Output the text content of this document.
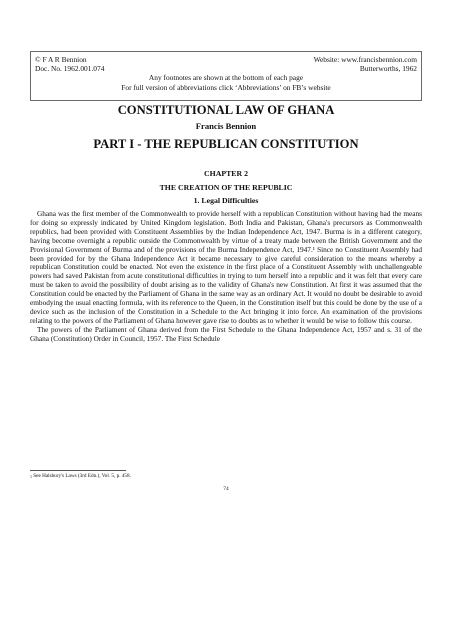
© F A R Bennion	Website: www.francisbennion.com
Doc. No. 1962.001.074	Butterworths, 1962
Any footnotes are shown at the bottom of each page
For full version of abbreviations click ‘Abbreviations’ on FB’s website
CONSTITUTIONAL LAW OF GHANA
Francis Bennion
PART I - THE REPUBLICAN CONSTITUTION
CHAPTER 2
THE CREATION OF THE REPUBLIC
1. Legal Difficulties

Ghana was the first member of the Commonwealth to provide herself with a republican Constitution without having had the means for doing so expressly indicated by United Kingdom legislation. Both India and Pakistan, Ghana's precursors as Commonwealth republics, had been provided with Constituent Assemblies by the Indian Independence Act, 1947. Burma is in a different category, having become overnight a republic outside the Commonwealth by virtue of a treaty made between the British Government and the Provisional Government of Burma and of the provisions of the Burma Independence Act, 1947.¹ Since no Constituent Assembly had been provided for by the Ghana Independence Act it became necessary to give careful consideration to the means whereby a republican Constitution could be enacted. Not even the existence in the first place of a Constituent Assembly with unchallengeable powers had saved Pakistan from acute constitutional difficulties in trying to turn herself into a republic and it was felt that every care must be taken to avoid the possibility of doubt arising as to the validity of Ghana's new Constitution. At first it was assumed that the Constitution could be enacted by the Parliament of Ghana in the same way as an ordinary Act. It would no doubt be desirable to avoid embodying the usual enacting formula, with its reference to the Queen, in the Constitution itself but this could be done by the use of a device such as the inclusion of the Constitution in a Schedule to the Act bringing it into force. An examination of the provisions relating to the powers of the Parliament of Ghana however gave rise to doubts as to whether it would be wise to follow this course.

The powers of the Parliament of Ghana derived from the First Schedule to the Ghana Independence Act, 1957 and s. 31 of the Ghana (Constitution) Order in Council, 1957. The First Schedule

$^1$ See Halsbury's Laws (3rd Edn.), Vol. 5, p. 458.
74
